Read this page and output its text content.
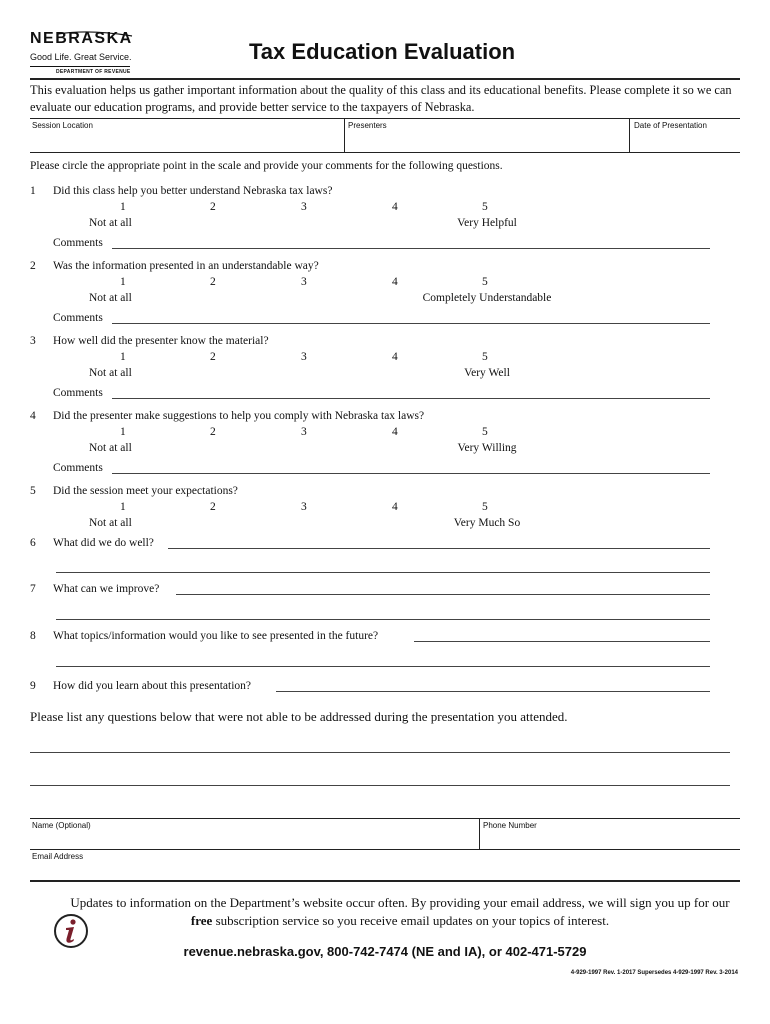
NEBRASKA
Good Life. Great Service.
DEPARTMENT OF REVENUE
Tax Education Evaluation
This evaluation helps us gather important information about the quality of this class and its educational benefits. Please complete it so we can evaluate our education programs, and provide better service to the taxpayers of Nebraska.
Session Location	Presenters	Date of Presentation
Please circle the appropriate point in the scale and provide your comments for the following questions.
1 Did this class help you better understand Nebraska tax laws?
1	2	3	4	5
Not at all	Very Helpful
Comments
2 Was the information presented in an understandable way?
1	2	3	4	5
Not at all	Completely Understandable
Comments
3 How well did the presenter know the material?
1	2	3	4	5
Not at all	Very Well
Comments
4 Did the presenter make suggestions to help you comply with Nebraska tax laws?
1	2	3	4	5
Not at all	Very Willing
Comments
5 Did the session meet your expectations?
1	2	3	4	5
Not at all	Very Much So
6 What did we do well?
7 What can we improve?
8 What topics/information would you like to see presented in the future?
9 How did you learn about this presentation?
Please list any questions below that were not able to be addressed during the presentation you attended.
Name (Optional)	Phone Number
Email Address
Updates to information on the Department’s website occur often. By providing your email address, we will sign you up for our free subscription service so you receive email updates on your topics of interest.
revenue.nebraska.gov, 800-742-7474 (NE and IA), or 402-471-5729
4-929-1997 Rev. 1-2017 Supersedes 4-929-1997 Rev. 3-2014
